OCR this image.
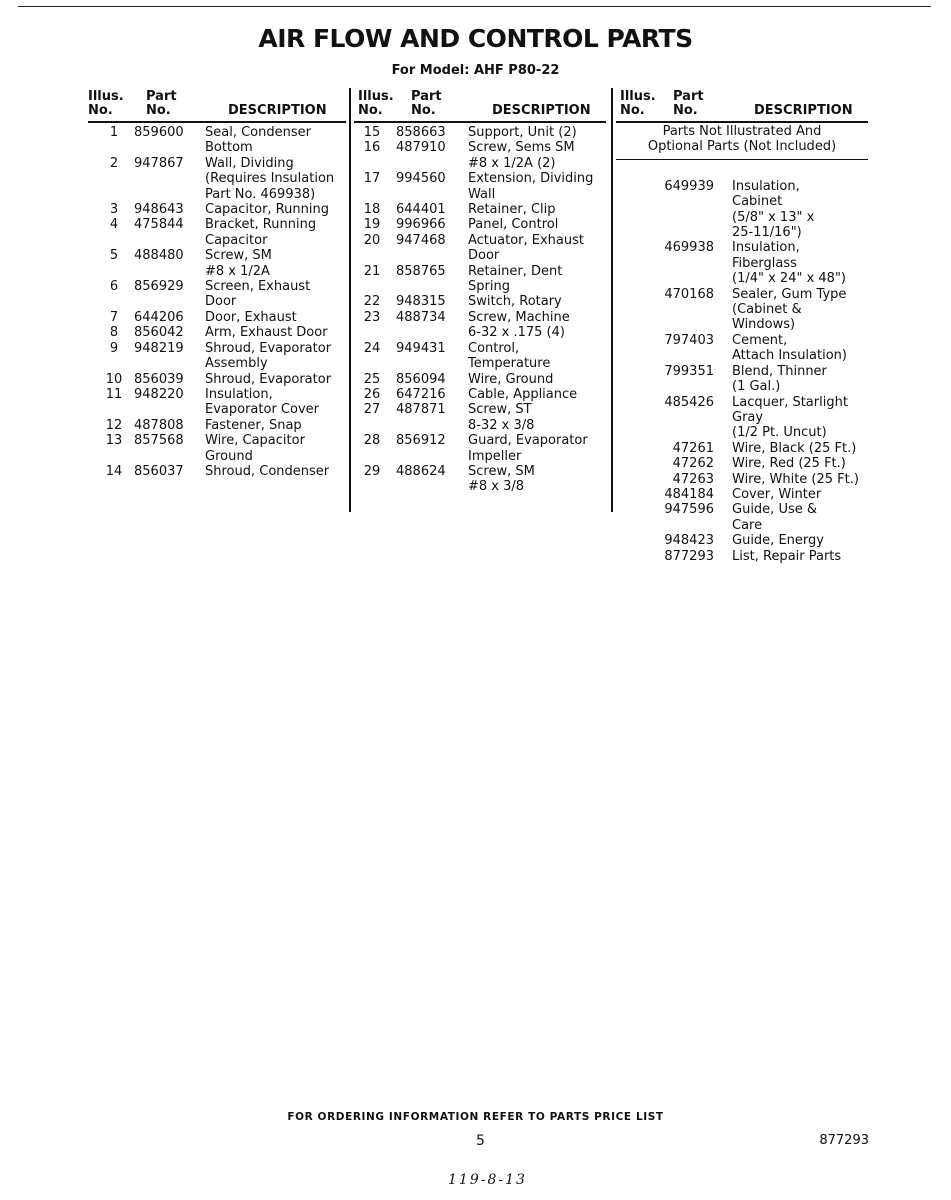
AIR FLOW AND CONTROL PARTS
For Model: AHF P80-22
Illus.
No.
Part
No.	DESCRIPTION
1	859600	Seal, Condenser
Bottom
2	947867	Wall, Dividing
(Requires Insulation
Part No. 469938)
3	948643	Capacitor, Running
4	475844	Bracket, Running
Capacitor
5	488480	Screw, SM
#8 x 1/2A
6	856929	Screen, Exhaust
Door
7	644206	Door, Exhaust
8	856042	Arm, Exhaust Door
9	948219	Shroud, Evaporator
Assembly
10 856039	Shroud, Evaporator
11 948220	Insulation,
Evaporator Cover
12 487808	Fastener, Snap
13 857568	Wire, Capacitor
Ground
14 856037	Shroud, Condenser
Illus.
No.
Part
No.	DESCRIPTION
15	858663	Support, Unit (2)
16	487910	Screw, Sems SM
#8 x 1/2A (2)
17	994560	Extension, Dividing
Wall
18	644401	Retainer, Clip
19	996966	Panel, Control
20	947468	Actuator, Exhaust
Door
21	858765	Retainer, Dent
Spring
22	948315	Switch, Rotary
23	488734	Screw, Machine
6-32 x .175 (4)
24	949431	Control,
Temperature
25	856094	Wire, Ground
26	647216	Cable, Appliance
27	487871	Screw, ST
8-32 x 3/8
28	856912	Guard, Evaporator
Impeller
29	488624	Screw, SM
#8 x 3/8
Illus.
No.
Part
No.	DESCRIPTION
Parts Not Illustrated And
Optional Parts (Not Included)
649939 Insulation,
Cabinet
(5/8" x 13" x
25-11/16")
469938 Insulation,
Fiberglass
(1/4" x 24" x 48")
470168 Sealer, Gum Type
(Cabinet &
Windows)
797403 Cement,
Attach Insulation)
799351 Blend, Thinner
(1 Gal.)
485426 Lacquer, Starlight
Gray
(1/2 Pt. Uncut)
47261 Wire, Black (25 Ft.)
47262 Wire, Red (25 Ft.)
47263 Wire, White (25 Ft.)
484184 Cover, Winter
947596 Guide, Use &
Care
948423 Guide, Energy
877293 List, Repair Parts
FOR ORDERING INFORMATION REFER TO PARTS PRICE LIST
5	877293
119-8-13
